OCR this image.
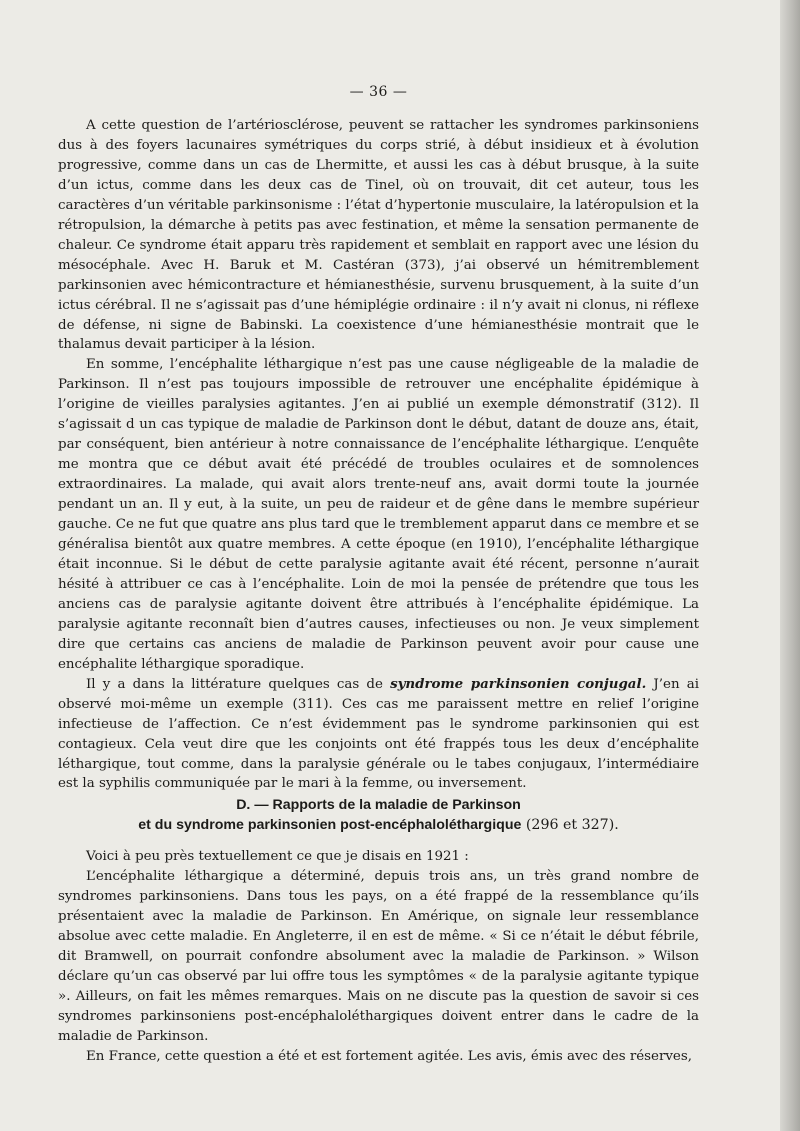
— 36 —

A cette question de l’artériosclérose, peuvent se rattacher les syndromes parkinsoniens dus à des foyers lacunaires symétriques du corps strié, à début insidieux et à évolution progressive, comme dans un cas de Lhermitte, et aussi les cas à début brusque, à la suite d’un ictus, comme dans les deux cas de Tinel, où on trouvait, dit cet auteur, tous les caractères d’un véritable parkinsonisme : l’état d’hypertonie musculaire, la latéropulsion et la rétropulsion, la démarche à petits pas avec festination, et même la sensation permanente de chaleur. Ce syndrome était apparu très rapidement et semblait en rapport avec une lésion du mésocéphale. Avec H. Baruk et M. Castéran (373), j’ai observé un hémitremblement parkinsonien avec hémicontracture et hémianesthésie, survenu brusquement, à la suite d’un ictus cérébral. Il ne s’agissait pas d’une hémiplégie ordinaire : il n’y avait ni clonus, ni réflexe de défense, ni signe de Babinski. La coexistence d’une hémianesthésie montrait que le thalamus devait participer à la lésion.

En somme, l’encéphalite léthargique n’est pas une cause négligeable de la maladie de Parkinson. Il n’est pas toujours impossible de retrouver une encéphalite épidémique à l’origine de vieilles paralysies agitantes. J’en ai publié un exemple démonstratif (312). Il s’agissait d un cas typique de maladie de Parkinson dont le début, datant de douze ans, était, par conséquent, bien antérieur à notre connaissance de l’encéphalite léthargique. L’enquête me montra que ce début avait été précédé de troubles oculaires et de somnolences extraordinaires. La malade, qui avait alors trente-neuf ans, avait dormi toute la journée pendant un an. Il y eut, à la suite, un peu de raideur et de gêne dans le membre supérieur gauche. Ce ne fut que quatre ans plus tard que le tremblement apparut dans ce membre et se généralisa bientôt aux quatre membres. A cette époque (en 1910), l’encéphalite léthargique était inconnue. Si le début de cette paralysie agitante avait été récent, personne n’aurait hésité à attribuer ce cas à l’encéphalite. Loin de moi la pensée de prétendre que tous les anciens cas de paralysie agitante doivent être attribués à l’encéphalite épidémique. La paralysie agitante reconnaît bien d’autres causes, infectieuses ou non. Je veux simplement dire que certains cas anciens de maladie de Parkinson peuvent avoir pour cause une encéphalite léthargique sporadique.

Il y a dans la littérature quelques cas de syndrome parkinsonien conjugal. J’en ai observé moi-même un exemple (311). Ces cas me paraissent mettre en relief l’origine infectieuse de l’affection. Ce n’est évidemment pas le syndrome parkinsonien qui est contagieux. Cela veut dire que les conjoints ont été frappés tous les deux d’encéphalite léthargique, tout comme, dans la paralysie générale ou le tabes conjugaux, l’intermédiaire est la syphilis communiquée par le mari à la femme, ou inversement.

D. — Rapports de la maladie de Parkinson
et du syndrome parkinsonien post-encéphaloléthargique (296 et 327).

Voici à peu près textuellement ce que je disais en 1921 :

L’encéphalite léthargique a déterminé, depuis trois ans, un très grand nombre de syndromes parkinsoniens. Dans tous les pays, on a été frappé de la ressemblance qu’ils présentaient avec la maladie de Parkinson. En Amérique, on signale leur ressemblance absolue avec cette maladie. En Angleterre, il en est de même. « Si ce n’était le début fébrile, dit Bramwell, on pourrait confondre absolument avec la maladie de Parkinson. » Wilson déclare qu’un cas observé par lui offre tous les symptômes « de la paralysie agitante typique ». Ailleurs, on fait les mêmes remarques. Mais on ne discute pas la question de savoir si ces syndromes parkinsoniens post-encéphaloléthargiques doivent entrer dans le cadre de la maladie de Parkinson.

En France, cette question a été et est fortement agitée. Les avis, émis avec des réserves,
